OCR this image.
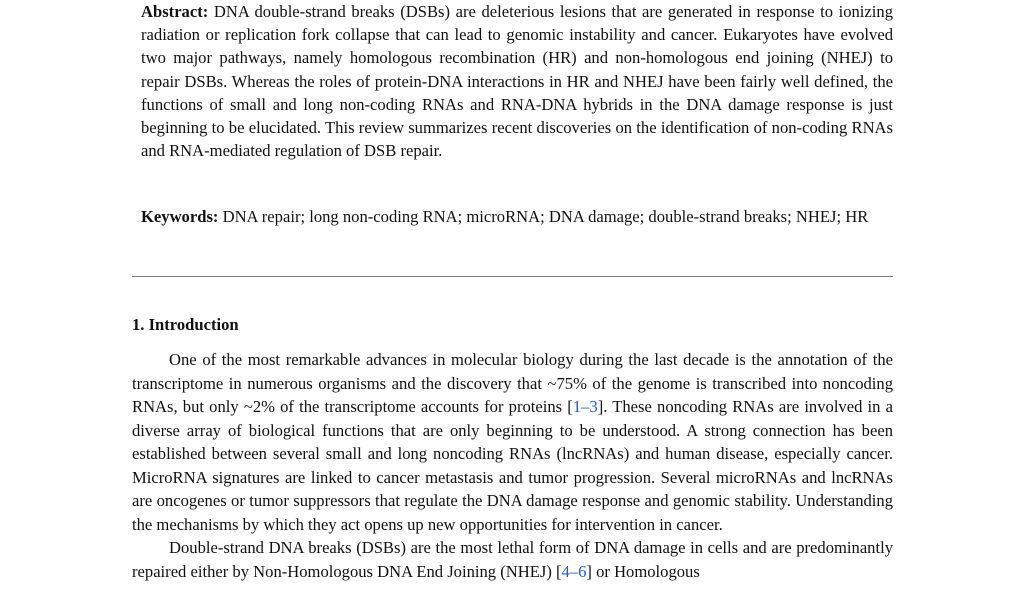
Abstract: DNA double-strand breaks (DSBs) are deleterious lesions that are generated in response to ionizing radiation or replication fork collapse that can lead to genomic instability and cancer. Eukaryotes have evolved two major pathways, namely homologous recombination (HR) and non-homologous end joining (NHEJ) to repair DSBs. Whereas the roles of protein-DNA interactions in HR and NHEJ have been fairly well defined, the functions of small and long non-coding RNAs and RNA-DNA hybrids in the DNA damage response is just beginning to be elucidated. This review summarizes recent discoveries on the identification of non-coding RNAs and RNA-mediated regulation of DSB repair.

Keywords: DNA repair; long non-coding RNA; microRNA; DNA damage; double-strand breaks; NHEJ; HR

1. Introduction

One of the most remarkable advances in molecular biology during the last decade is the annotation of the transcriptome in numerous organisms and the discovery that ~75% of the genome is transcribed into noncoding RNAs, but only ~2% of the transcriptome accounts for proteins [1–3]. These noncoding RNAs are involved in a diverse array of biological functions that are only beginning to be understood. A strong connection has been established between several small and long noncoding RNAs (lncRNAs) and human disease, especially cancer. MicroRNA signatures are linked to cancer metastasis and tumor progression. Several microRNAs and lncRNAs are oncogenes or tumor suppressors that regulate the DNA damage response and genomic stability. Understanding the mechanisms by which they act opens up new opportunities for intervention in cancer.

Double-strand DNA breaks (DSBs) are the most lethal form of DNA damage in cells and are predominantly repaired either by Non-Homologous DNA End Joining (NHEJ) [4–6] or Homologous
